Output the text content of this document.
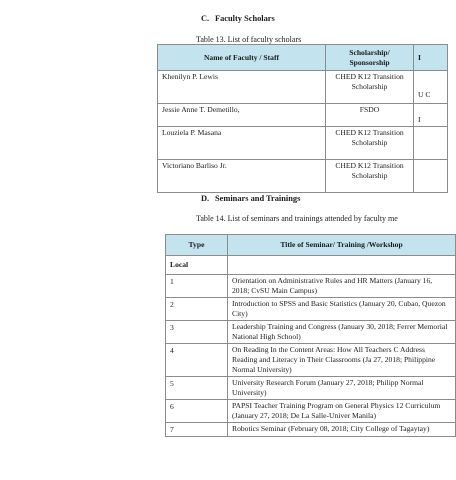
C. Faculty Scholars
Table 13. List of faculty scholars
Name of Faculty / Staff	Scholarship/ Sponsorship	I
Khenilyn P. Lewis	CHED K12 Transition Scholarship	U C
Jessie Anne T. Demetillo,	FSDO	I
Louziela P. Masana	CHED K12 Transition Scholarship	
Victoriano Barliso Jr.	CHED K12 Transition Scholarship	
D. Seminars and Trainings
Table 14. List of seminars and trainings attended by faculty me
Type	Title of Seminar/ Training /Workshop
Local	
1	Orientation on Administrative Rules and HR Matters (January 16, 2018; CvSU Main Campus)
2	Introduction to SPSS and Basic Statistics (January 20, Cubao, Quezon City)
3	Leadership Training and Congress (January 30, 2018; Ferrer Memorial National High School)
4	On Reading In the Content Areas: How All Teachers C Address Reading and Literacy in Their Classrooms (Ja 27, 2018; Philippine Normal University)
5	University Research Forum (January 27, 2018; Philipp Normal University)
6	PAPSI Teacher Training Program on General Physics 12 Curriculum (January 27, 2018; De La Salle-Univer Manila)
7	Robotics Seminar (February 08, 2018; City College of Tagaytay)
